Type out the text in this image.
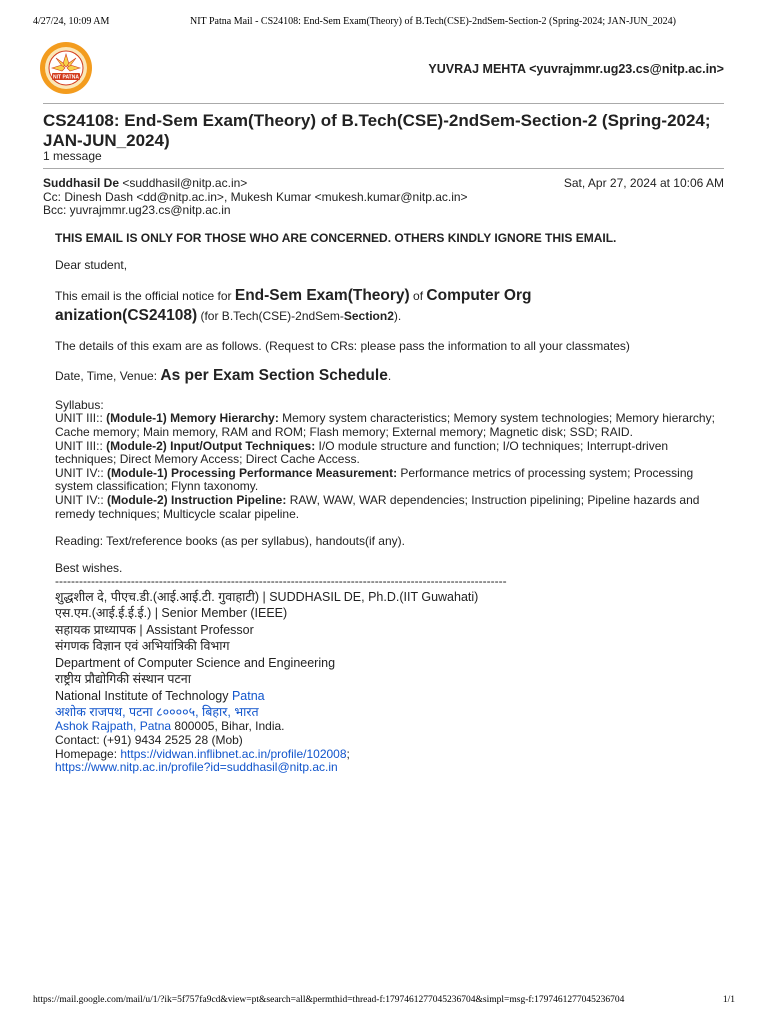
4/27/24, 10:09 AM	NIT Patna Mail - CS24108: End-Sem Exam(Theory) of B.Tech(CSE)-2ndSem-Section-2 (Spring-2024; JAN-JUN_2024)
NIT PATNA
YUVRAJ MEHTA <yuvrajmmr.ug23.cs@nitp.ac.in>
CS24108: End-Sem Exam(Theory) of B.Tech(CSE)-2ndSem-Section-2 (Spring-2024; JAN-JUN_2024)
1 message
Suddhasil De <suddhasil@nitp.ac.in>	Sat, Apr 27, 2024 at 10:06 AM
Cc: Dinesh Dash <dd@nitp.ac.in>, Mukesh Kumar <mukesh.kumar@nitp.ac.in>
Bcc: yuvrajmmr.ug23.cs@nitp.ac.in

THIS EMAIL IS ONLY FOR THOSE WHO ARE CONCERNED. OTHERS KINDLY IGNORE THIS EMAIL.

Dear student,

This email is the official notice for End-Sem Exam(Theory) of Computer Org
anization(CS24108) (for B.Tech(CSE)-2ndSem-Section2).

The details of this exam are as follows. (Request to CRs: please pass the information to all your classmates)

Date, Time, Venue: As per Exam Section Schedule.

Syllabus:

UNIT III:: (Module-1) Memory Hierarchy: Memory system characteristics; Memory system technologies; Memory hierarchy; Cache memory; Main memory, RAM and ROM; Flash memory; External memory; Magnetic disk; SSD; RAID.

UNIT III:: (Module-2) Input/Output Techniques: I/O module structure and function; I/O techniques; Interrupt-driven techniques; Direct Memory Access; Direct Cache Access.

UNIT IV:: (Module-1) Processing Performance Measurement: Performance metrics of processing system; Processing system classification; Flynn taxonomy.

UNIT IV:: (Module-2) Instruction Pipeline: RAW, WAW, WAR dependencies; Instruction pipelining; Pipeline hazards and remedy techniques; Multicycle scalar pipeline.

Reading: Text/reference books (as per syllabus), handouts(if any).

Best wishes.

-----------------------------------------------------------------------------------------------------------------

शुद्धशील दे, पीएच.डी.(आई.आई.टी. गुवाहाटी) | SUDDHASIL DE, Ph.D.(IIT Guwahati)

एस.एम.(आई.ई.ई.ई.) | Senior Member (IEEE)

सहायक प्राध्यापक | Assistant Professor

संगणक विज्ञान एवं अभियांत्रिकी विभाग

Department of Computer Science and Engineering

राष्ट्रीय प्रौद्योगिकी संस्थान पटना

National Institute of Technology Patna

अशोक राजपथ, पटना ८००००५, बिहार, भारत

Ashok Rajpath, Patna 800005, Bihar, India.

Contact: (+91) 9434 2525 28 (Mob)

Homepage: https://vidwan.inflibnet.ac.in/profile/102008;

https://www.nitp.ac.in/profile?id=suddhasil@nitp.ac.in

https://mail.google.com/mail/u/1/?ik=5f757fa9cd&view=pt&search=all&permthid=thread-f:1797461277045236704&simpl=msg-f:1797461277045236704	1/1
